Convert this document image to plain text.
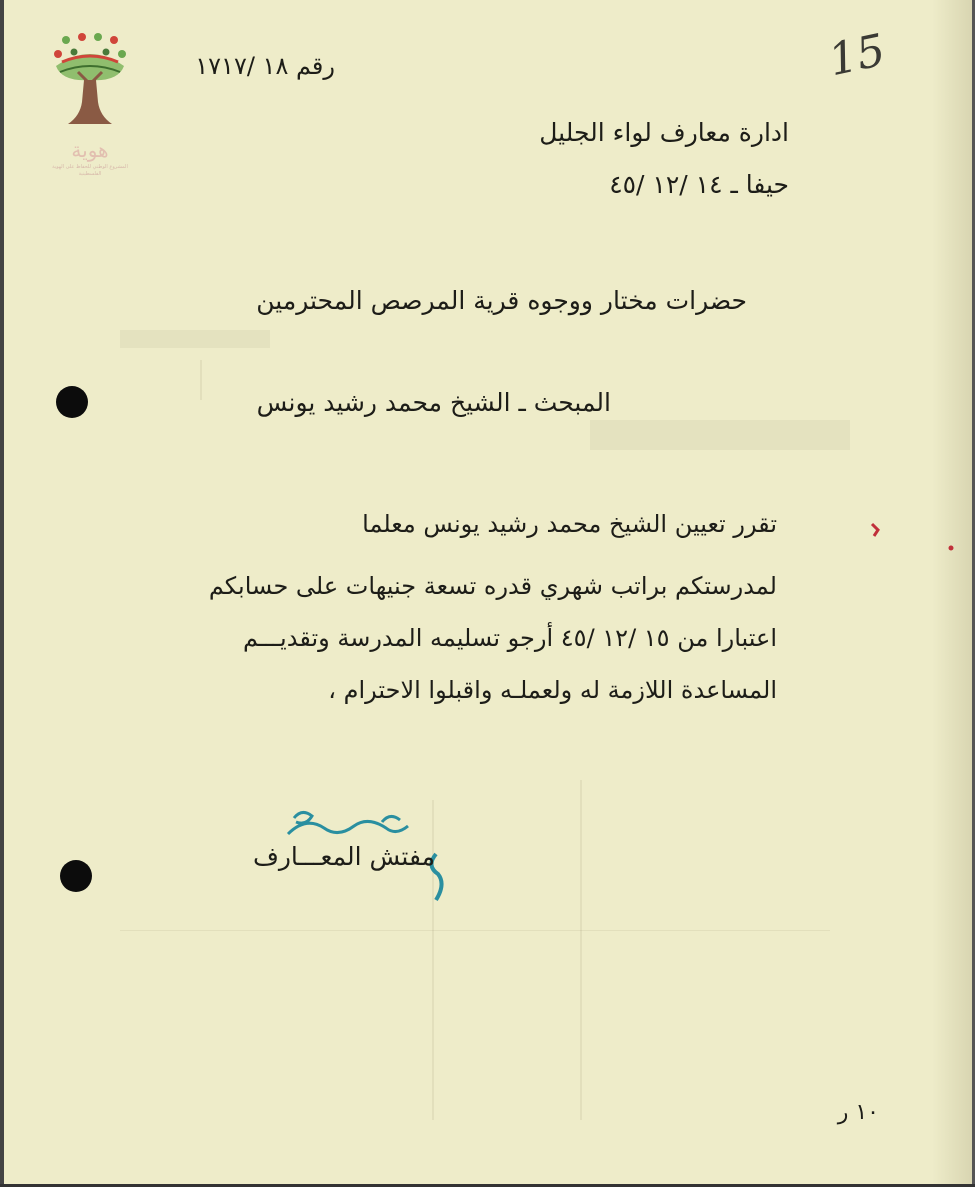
هوية
المشروع الوطني للحفاظ على الهوية الفلسطينية
15
رقم ١٨ /١٧١٧
ادارة معارف لواء الجليل
حيفا ـ ١٤ /١٢ /٤٥
حضرات مختار ووجوه قرية المرصص المحترمين
المبحث ـ الشيخ محمد رشيد يونس
تقرر تعيين الشيخ محمد رشيد يونس معلما
لمدرستكم براتب شهري قدره تسعة جنيهات على حسابكم
اعتبارا من ١٥ /١٢ /٤٥ أرجو تسليمه المدرسة وتقديـــم
المساعدة اللازمة له ولعملـه واقبلوا الاحترام ،
مفتش المعـــارف
١٠ ر
